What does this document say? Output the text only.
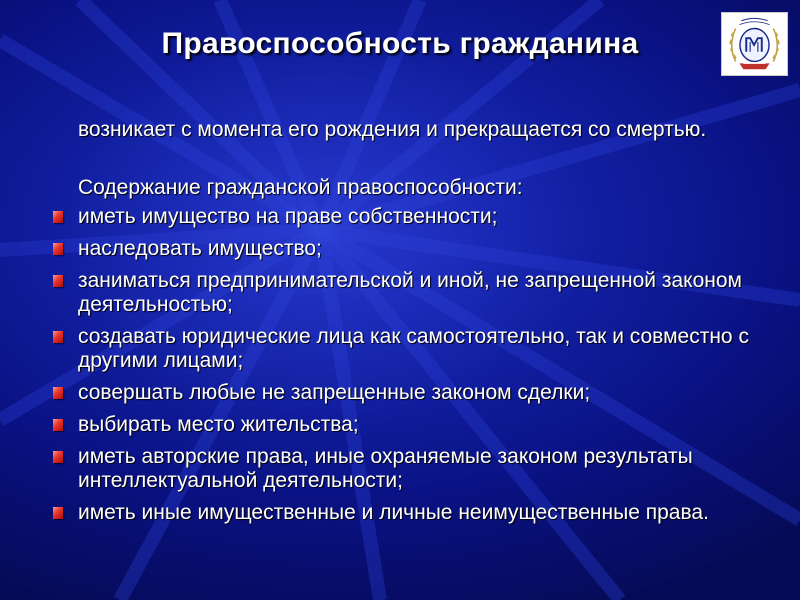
Правоспособность гражданина

возникает с момента его рождения и прекращается со смертью.

Содержание гражданской правоспособности:

иметь имущество на праве собственности;
наследовать имущество;
заниматься предпринимательской и иной, не запрещенной законом деятельностью;
создавать юридические лица как самостоятельно, так и совместно с другими лицами;
совершать любые не запрещенные законом сделки;
выбирать место жительства;
иметь авторские права, иные охраняемые законом результаты интеллектуальной деятельности;
иметь иные имущественные и личные неимущественные права.
